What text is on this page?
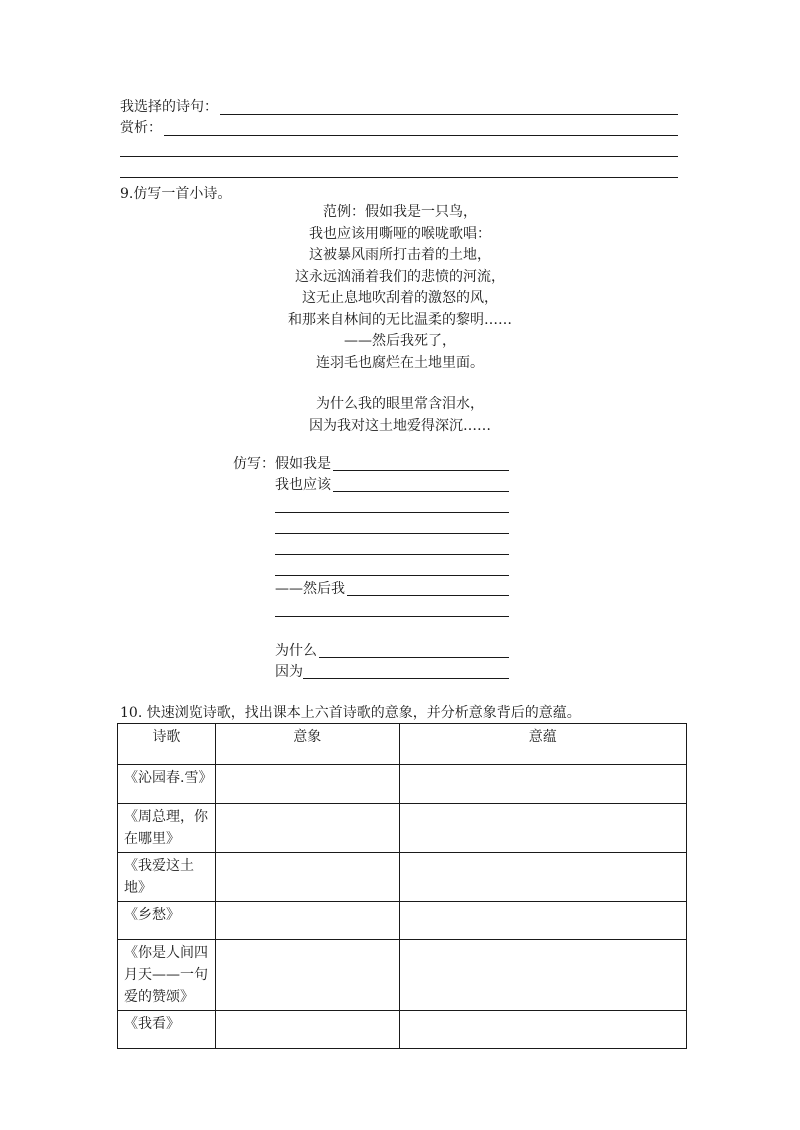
我选择的诗句：
赏析：
9.仿写一首小诗。
范例：假如我是一只鸟，
我也应该用嘶哑的喉咙歌唱：
这被暴风雨所打击着的土地，
这永远汹涌着我们的悲愤的河流，
这无止息地吹刮着的激怒的风，
和那来自林间的无比温柔的黎明……
——然后我死了，
连羽毛也腐烂在土地里面。
为什么我的眼里常含泪水，
因为我对这土地爱得深沉……
仿写： 假如我是
我也应该
——然后我
为什么
因为
10. 快速浏览诗歌，找出课本上六首诗歌的意象，并分析意象背后的意蕴。
诗歌	意象	意蕴
《沁园春.雪》		
《周总理，你在哪里》		
《我爱这土地》		
《乡愁》		
《你是人间四月天——一句爱的赞颂》		
《我看》		
